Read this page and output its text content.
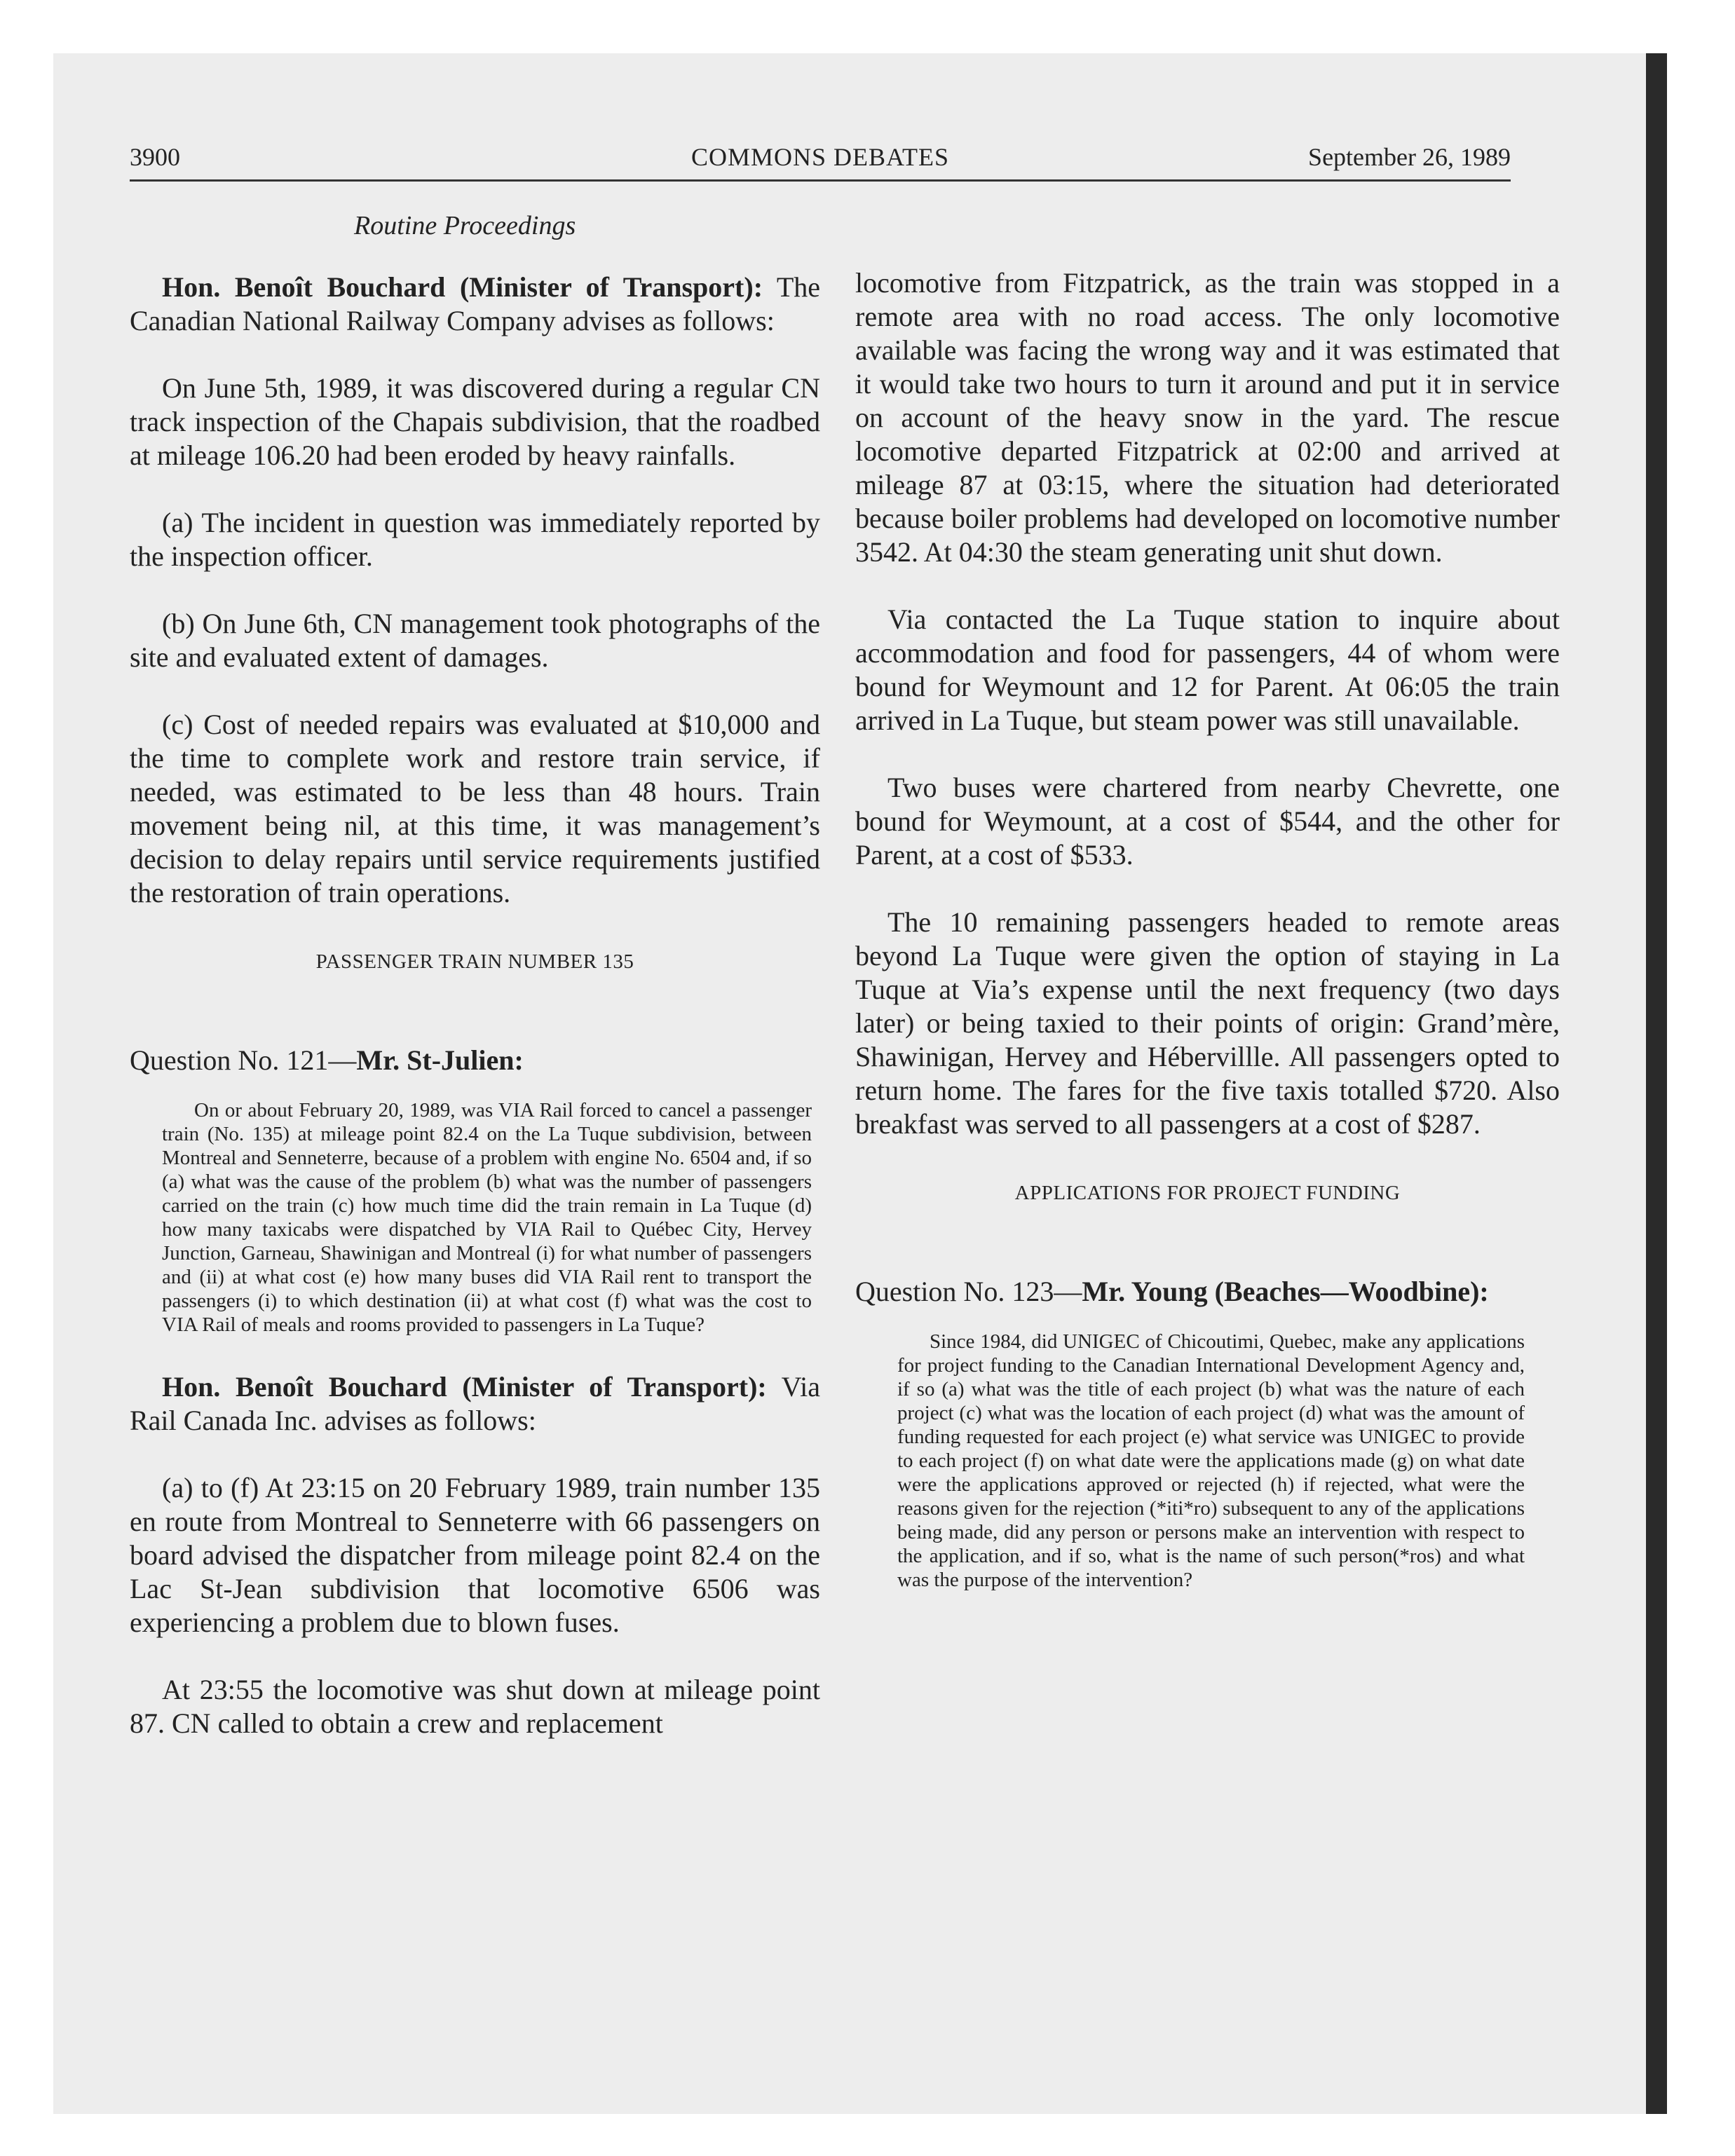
3900	COMMONS DEBATES	September 26, 1989
Routine Proceedings

Hon. Benoît Bouchard (Minister of Transport): The Canadian National Railway Company advises as follows:

On June 5th, 1989, it was discovered during a regular CN track inspection of the Chapais subdivision, that the roadbed at mileage 106.20 had been eroded by heavy rainfalls.

(a) The incident in question was immediately reported by the inspection officer.

(b) On June 6th, CN management took photographs of the site and evaluated extent of damages.

(c) Cost of needed repairs was evaluated at $10,000 and the time to complete work and restore train service, if needed, was estimated to be less than 48 hours. Train movement being nil, at this time, it was management’s decision to delay repairs until service requirements justified the restoration of train operations.

PASSENGER TRAIN NUMBER 135

Question No. 121—Mr. St-Julien:

On or about February 20, 1989, was VIA Rail forced to cancel a passenger train (No. 135) at mileage point 82.4 on the La Tuque subdivision, between Montreal and Senneterre, because of a problem with engine No. 6504 and, if so (a) what was the cause of the problem (b) what was the number of passengers carried on the train (c) how much time did the train remain in La Tuque (d) how many taxicabs were dispatched by VIA Rail to Québec City, Hervey Junction, Garneau, Shawinigan and Montreal (i) for what number of passengers and (ii) at what cost (e) how many buses did VIA Rail rent to transport the passengers (i) to which destination (ii) at what cost (f) what was the cost to VIA Rail of meals and rooms provided to passengers in La Tuque?

Hon. Benoît Bouchard (Minister of Transport): Via Rail Canada Inc. advises as follows:

(a) to (f) At 23:15 on 20 February 1989, train number 135 en route from Montreal to Senneterre with 66 passengers on board advised the dispatcher from mileage point 82.4 on the Lac St-Jean subdivision that locomotive 6506 was experiencing a problem due to blown fuses.

At 23:55 the locomotive was shut down at mileage point 87. CN called to obtain a crew and replacement

locomotive from Fitzpatrick, as the train was stopped in a remote area with no road access. The only locomotive available was facing the wrong way and it was estimated that it would take two hours to turn it around and put it in service on account of the heavy snow in the yard. The rescue locomotive departed Fitzpatrick at 02:00 and arrived at mileage 87 at 03:15, where the situation had deteriorated because boiler problems had developed on locomotive number 3542. At 04:30 the steam generating unit shut down.

Via contacted the La Tuque station to inquire about accommodation and food for passengers, 44 of whom were bound for Weymount and 12 for Parent. At 06:05 the train arrived in La Tuque, but steam power was still unavailable.

Two buses were chartered from nearby Chevrette, one bound for Weymount, at a cost of $544, and the other for Parent, at a cost of $533.

The 10 remaining passengers headed to remote areas beyond La Tuque were given the option of staying in La Tuque at Via’s expense until the next frequency (two days later) or being taxied to their points of origin: Grand’mère, Shawinigan, Hervey and Hébervillle. All passengers opted to return home. The fares for the five taxis totalled $720. Also breakfast was served to all passengers at a cost of $287.

APPLICATIONS FOR PROJECT FUNDING

Question No. 123—Mr. Young (Beaches—Woodbine):

Since 1984, did UNIGEC of Chicoutimi, Quebec, make any applications for project funding to the Canadian International Development Agency and, if so (a) what was the title of each project (b) what was the nature of each project (c) what was the location of each project (d) what was the amount of funding requested for each project (e) what service was UNIGEC to provide to each project (f) on what date were the applications made (g) on what date were the applications approved or rejected (h) if rejected, what were the reasons given for the rejection (*iti*ro) subsequent to any of the applications being made, did any person or persons make an intervention with respect to the application, and if so, what is the name of such person(*ros) and what was the purpose of the intervention?
